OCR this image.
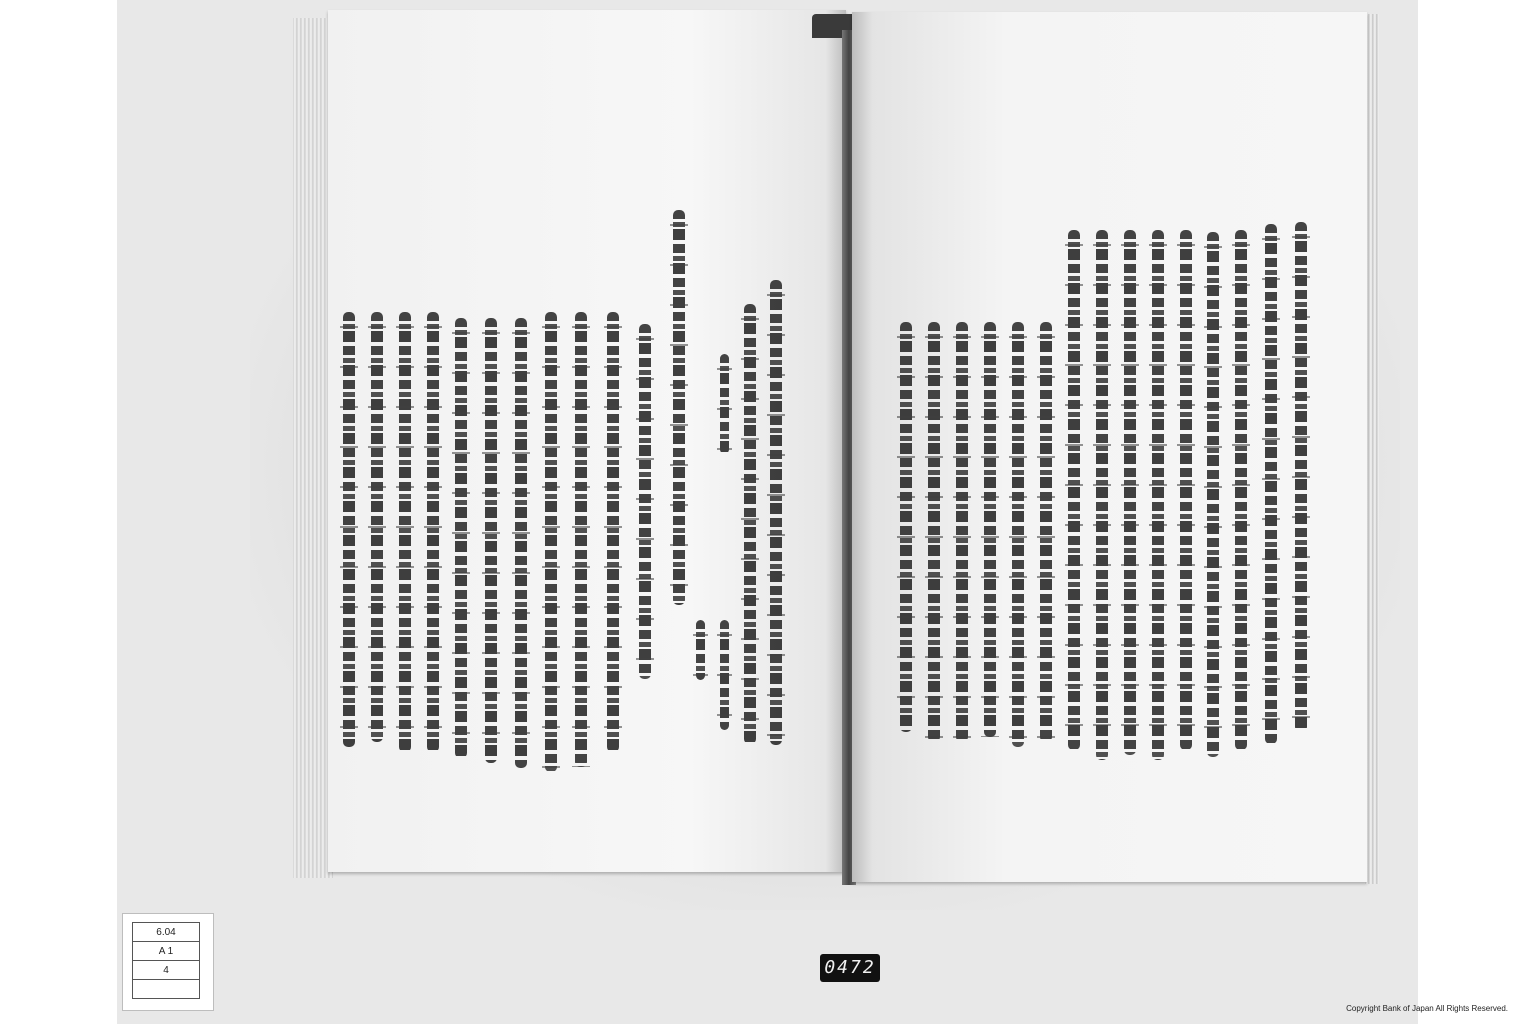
6.04
A 1
4	0472
Copyright Bank of Japan All Rights Reserved.
